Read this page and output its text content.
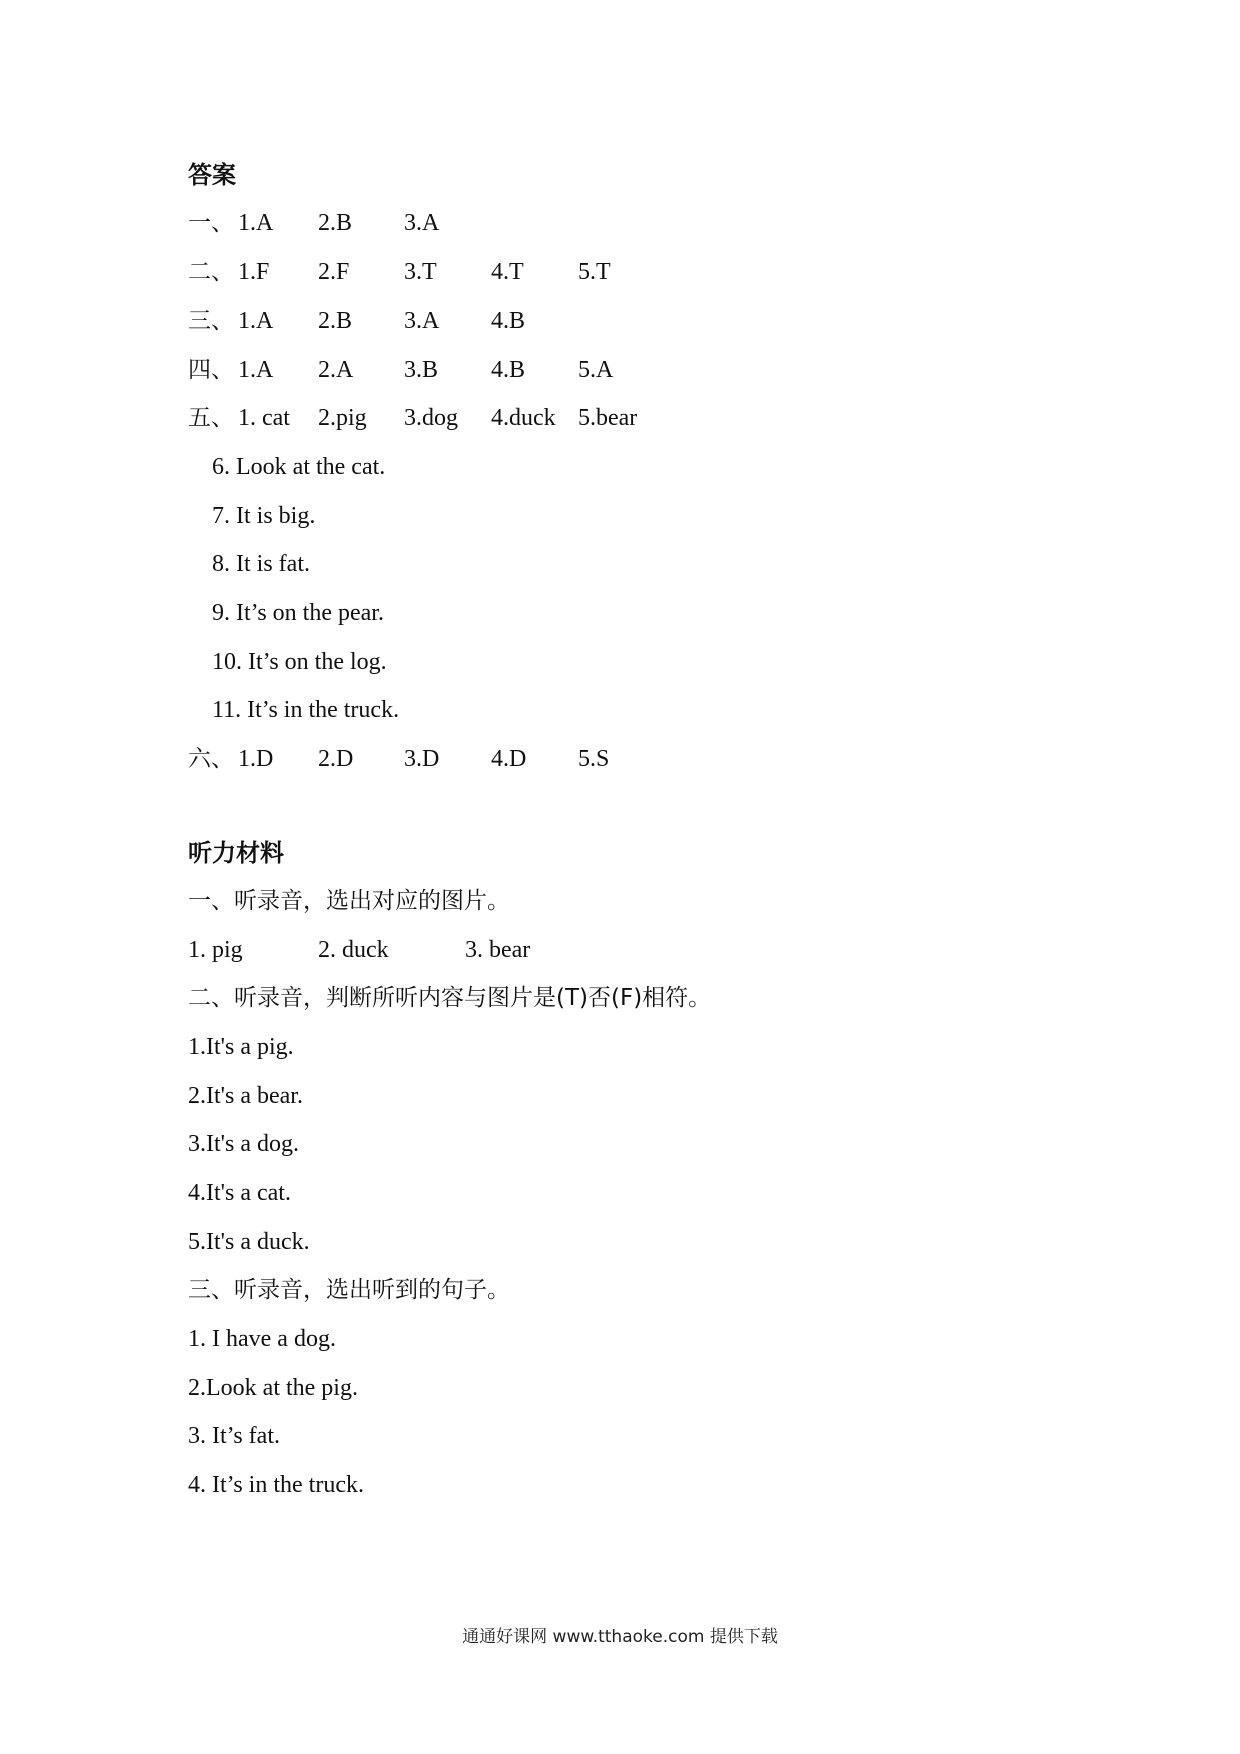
答案
一、 1.A 2.B 3.A
二、 1.F 2.F 3.T 4.T 5.T
三、 1.A 2.B 3.A 4.B
四、 1.A 2.A 3.B 4.B 5.A
五、 1. cat 2.pig 3.dog 4.duck 5.bear
6. Look at the cat.
7. It is big.
8. It is fat.
9. It’s on the pear.
10. It’s on the log.
11. It’s in the truck.
六、 1.D 2.D 3.D 4.D 5.S
听力材料
一、听录音，选出对应的图片。
1. pig	2. duck	3. bear
二、听录音，判断所听内容与图片是(T)否(F)相符。
1.It's a pig.
2.It's a bear.
3.It's a dog.
4.It's a cat.
5.It's a duck.
三、听录音，选出听到的句子。
1. I have a dog.
2.Look at the pig.
3. It’s fat.
4. It’s in the truck.
通通好课网 www.tthaoke.com 提供下载
